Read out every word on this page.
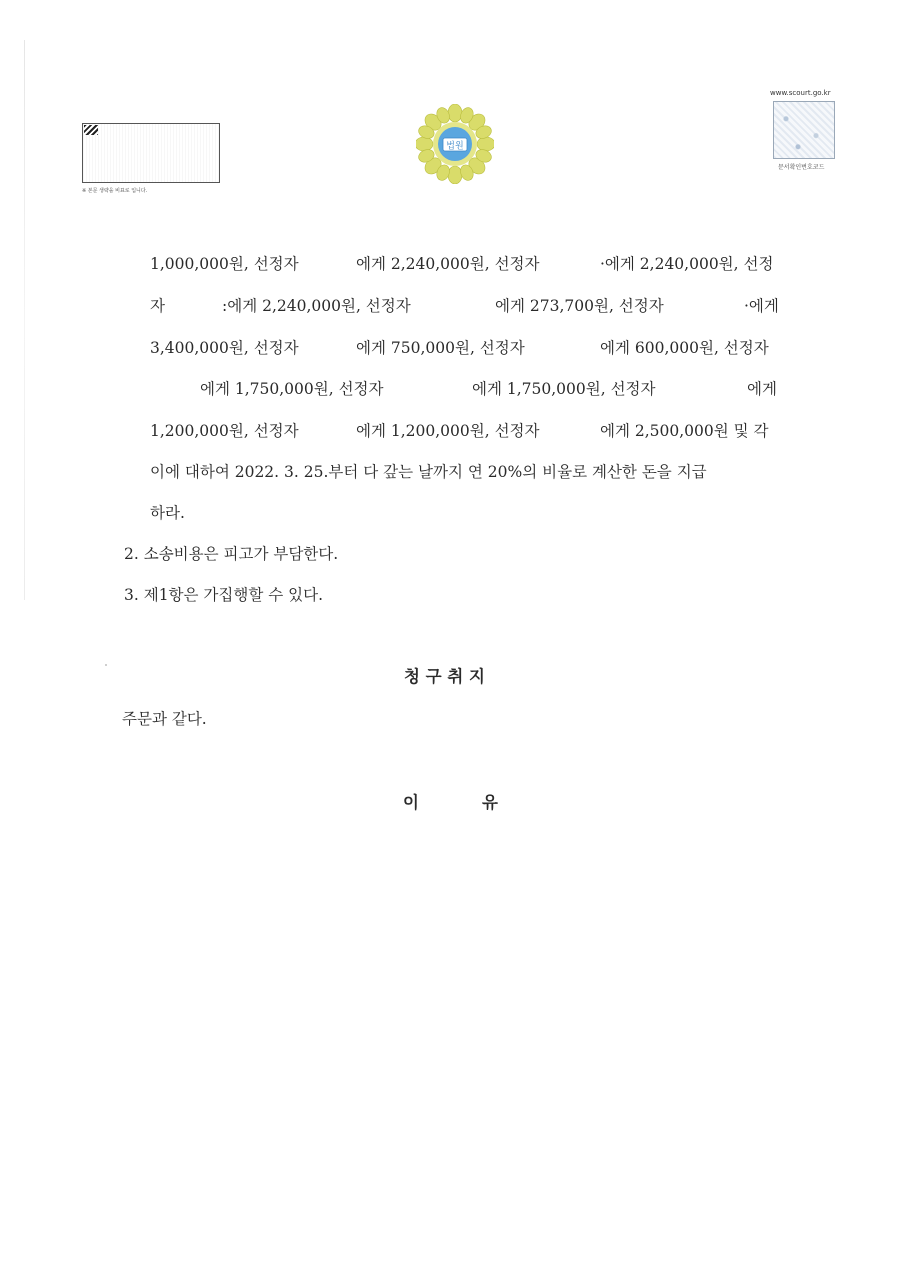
※ 본문 생략을 비표로 입니다.
법원
www.scourt.go.kr
문서확인번호코드
1,000,000원, 선정자	에게 2,240,000원, 선정자	·에게 2,240,000원, 선정
자	:에게 2,240,000원, 선정자	에게 273,700원, 선정자	·에게
3,400,000원, 선정자	에게 750,000원, 선정자	에게 600,000원, 선정자
에게 1,750,000원, 선정자	에게 1,750,000원, 선정자	에게
1,200,000원, 선정자	에게 1,200,000원, 선정자	에게 2,500,000원 및 각
이에 대하여 2022. 3. 25.부터 다 갚는 날까지 연 20%의 비율로 계산한 돈을 지급
하라.
2. 소송비용은 피고가 부담한다.
3. 제1항은 가집행할 수 있다.
청 구 취 지
주문과 같다.
이	유
